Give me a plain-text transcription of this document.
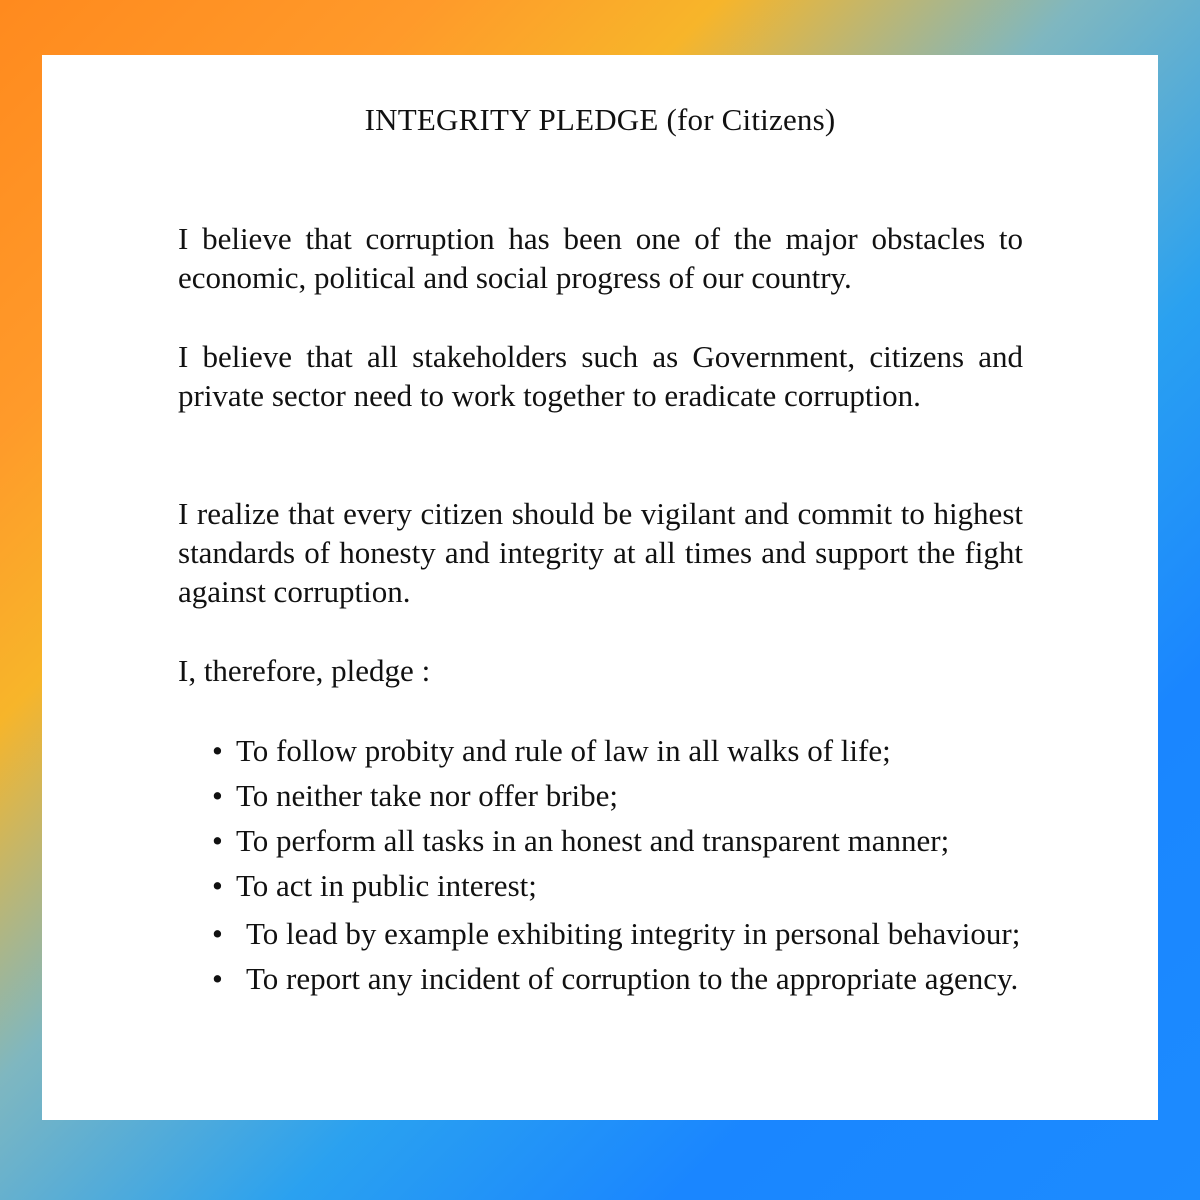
INTEGRITY PLEDGE (for Citizens)

I believe that corruption has been one of the major obstacles to economic, political and social progress of our country.

I believe that all stakeholders such as Government, citizens and private sector need to work together to eradicate corruption.

I realize that every citizen should be vigilant and commit to highest standards of honesty and integrity at all times and support the fight against corruption.

I, therefore, pledge :

• To follow probity and rule of law in all walks of life;
• To neither take nor offer bribe;
• To perform all tasks in an honest and transparent manner;
• To act in public interest;
• To lead by example exhibiting integrity in personal behaviour;
• To report any incident of corruption to the appropriate agency.
